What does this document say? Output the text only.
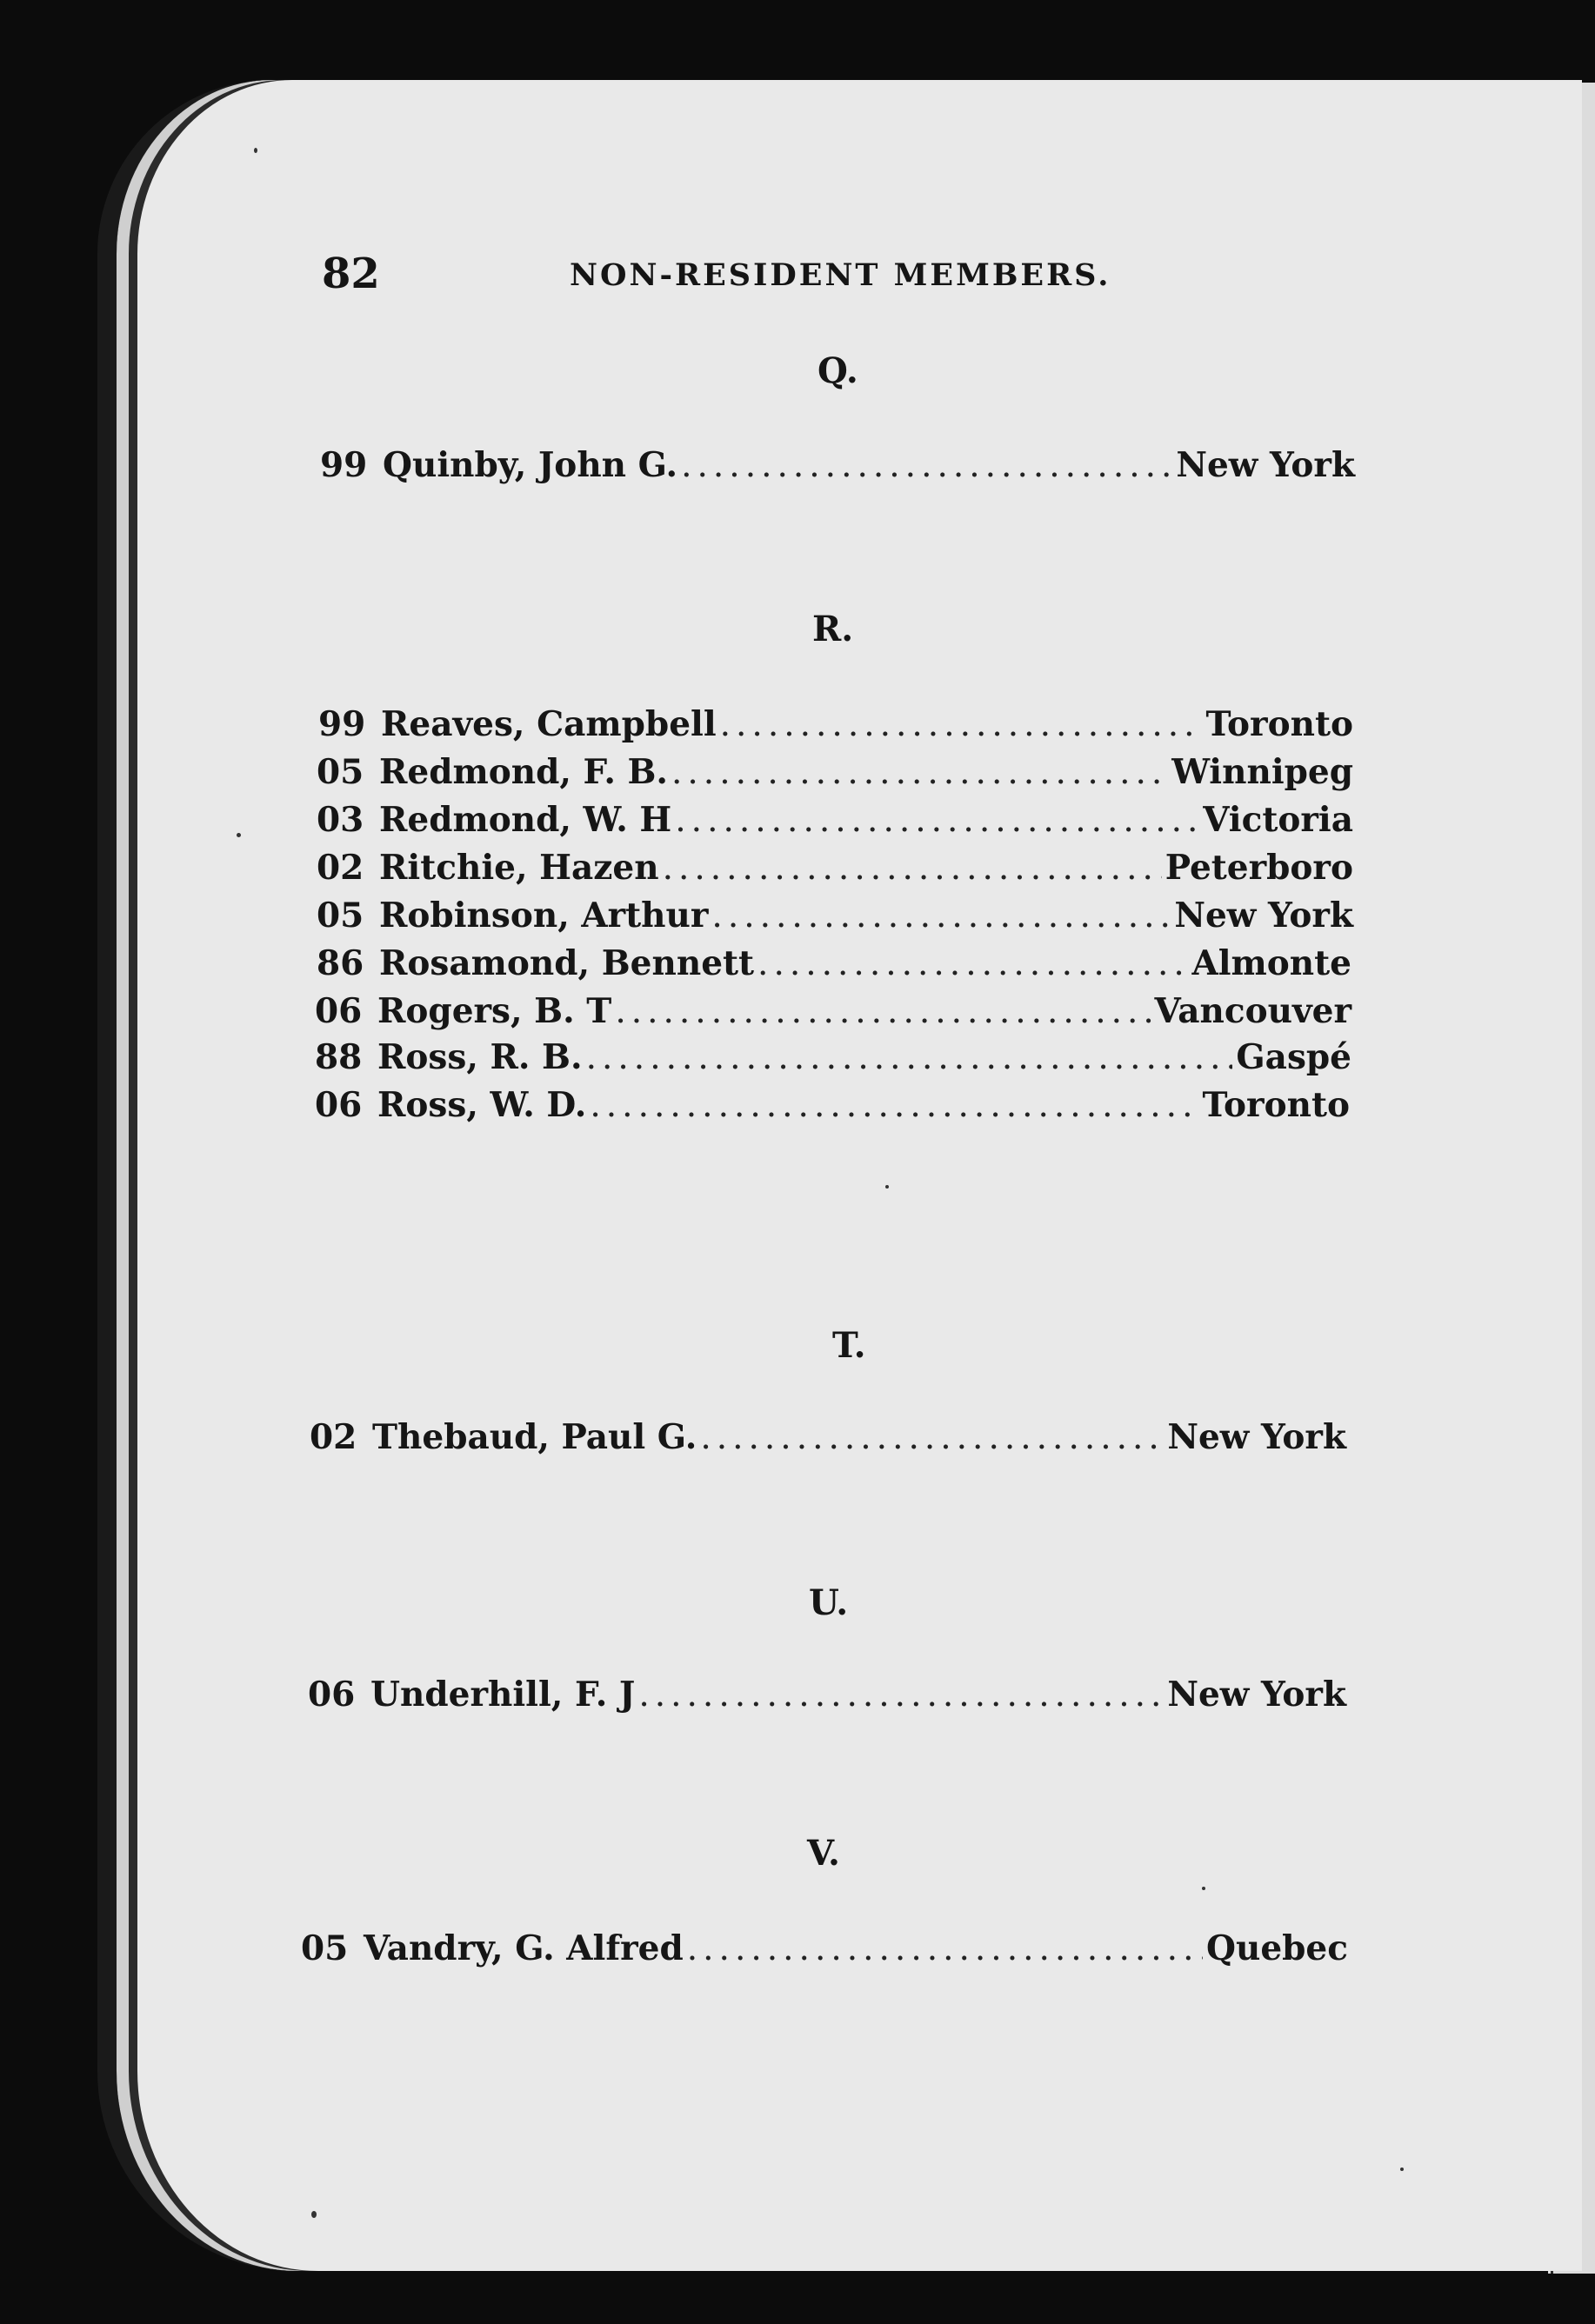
82	NON-RESIDENT MEMBERS.
Q.
99 Quinby, John G. .....	New York
R.
99 Reaves, Campbell .....	Toronto
05 Redmond, F. B. .....	Winnipeg
03 Redmond, W. H .....	Victoria
02 Ritchie, Hazen .....	Peterboro
05 Robinson, Arthur .....	New York
86 Rosamond, Bennett .....	Almonte
06 Rogers, B. T .....	Vancouver
88 Ross, R. B. .....	Gaspé
06 Ross, W. D. .....	Toronto
T.
02 Thebaud, Paul G. .....	New York
U.
06 Underhill, F. J .....	New York
V.
05 Vandry, G. Alfred .....	Quebec
